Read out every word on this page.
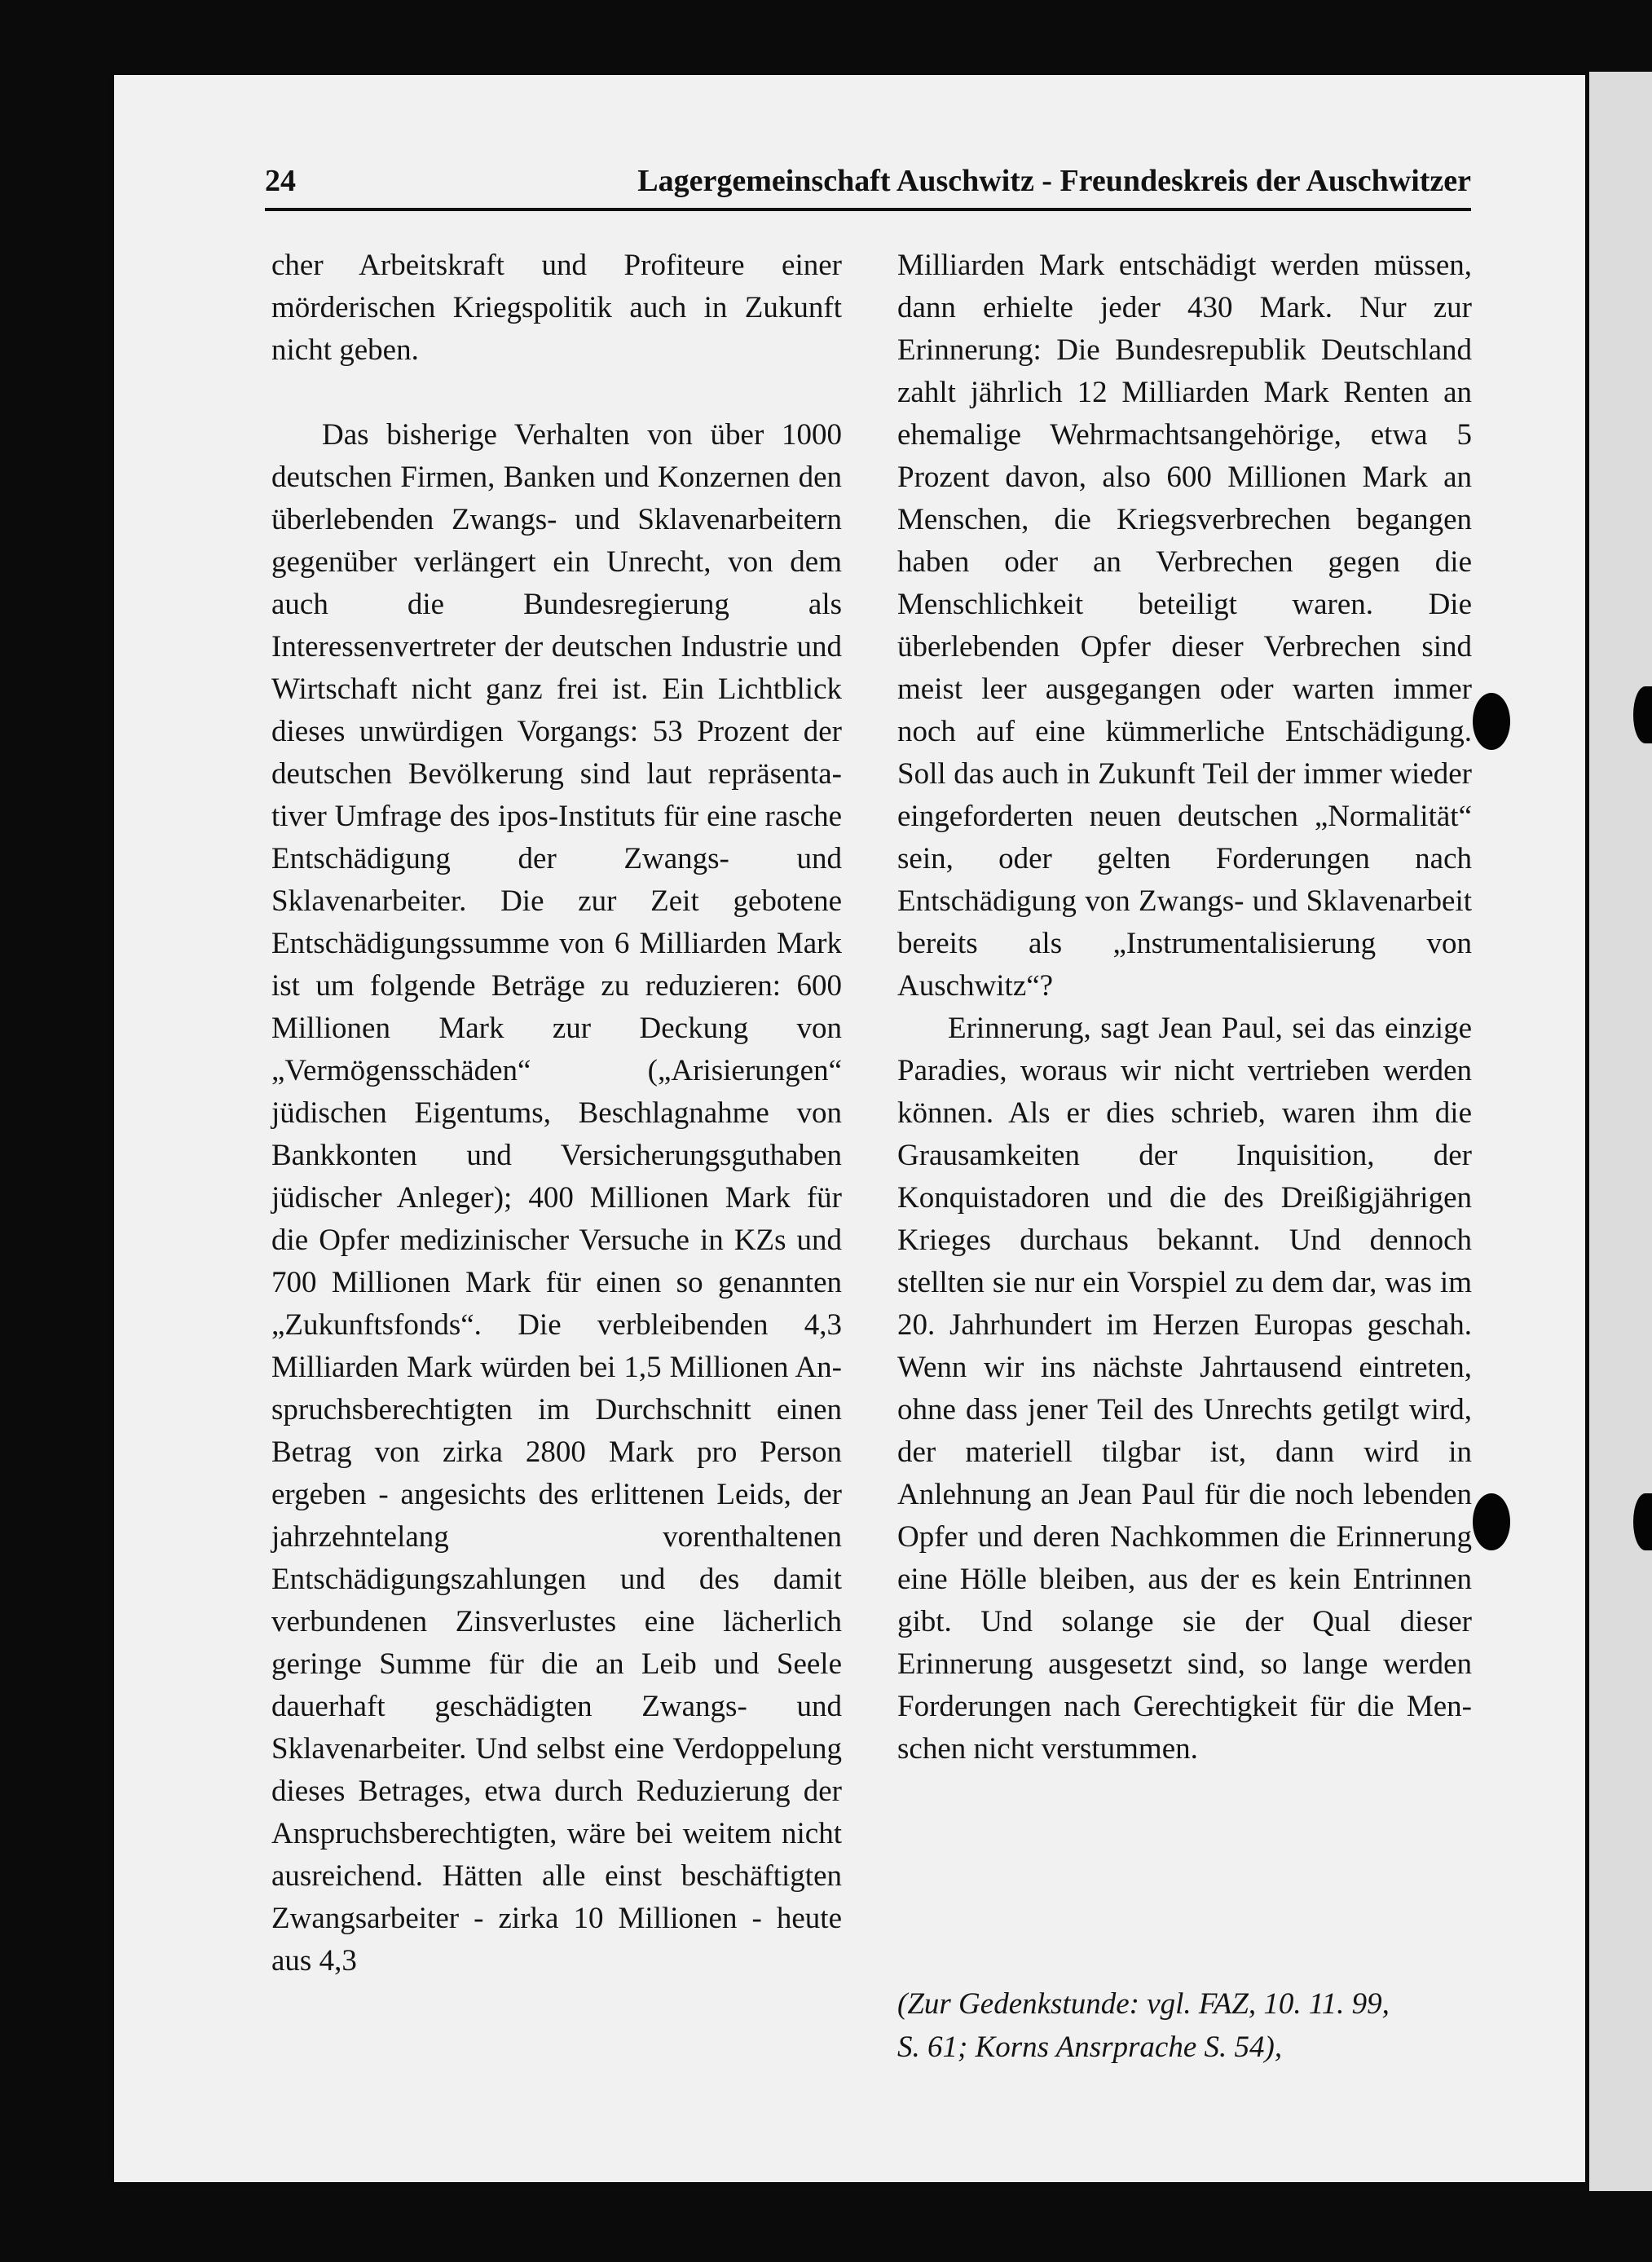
24	Lagergemeinschaft Auschwitz - Freundeskreis der Auschwitzer

cher Arbeitskraft und Profiteure einer mörderischen Kriegspolitik auch in Zukunft nicht geben.

Das bisherige Verhalten von über 1000 deutschen Firmen, Banken und Konzernen den überlebenden Zwangs- und Sklavenarbeitern gegenüber verlängert ein Unrecht, von dem auch die Bundesregierung als Interessenvertreter der deutschen Industrie und Wirtschaft nicht ganz frei ist. Ein Lichtblick dieses unwürdigen Vorgangs: 53 Prozent der deutschen Bevölkerung sind laut repräsentativer Umfrage des ipos-Instituts für eine rasche Entschädigung der Zwangs- und Sklavenarbeiter. Die zur Zeit gebotene Entschädigungssumme von 6 Milliarden Mark ist um folgende Beträge zu reduzieren: 600 Millionen Mark zur Deckung von „Vermögensschäden“ („Arisierungen“ jüdischen Eigentums, Beschlagnahme von Bankkonten und Versicherungsguthaben jüdischer Anleger); 400 Millionen Mark für die Opfer medizinischer Versuche in KZs und 700 Millionen Mark für einen so genannten „Zukunftsfonds“. Die verbleibenden 4,3 Milliarden Mark würden bei 1,5 Millionen Anspruchsberechtigten im Durchschnitt einen Betrag von zirka 2800 Mark pro Person ergeben - angesichts des erlittenen Leids, der jahrzehntelang vorenthaltenen Entschädigungszahlungen und des damit verbundenen Zinsverlustes eine lächerlich geringe Summe für die an Leib und Seele dauerhaft geschädigten Zwangs- und Sklavenarbeiter. Und selbst eine Verdoppelung dieses Betrages, etwa durch Reduzierung der Anspruchsberechtigten, wäre bei weitem nicht ausreichend. Hätten alle einst beschäftigten Zwangsarbeiter - zirka 10 Millionen - heute aus 4,3

Milliarden Mark entschädigt werden müssen, dann erhielte jeder 430 Mark. Nur zur Erinnerung: Die Bundesrepublik Deutschland zahlt jährlich 12 Milliarden Mark Renten an ehemalige Wehrmachtsangehörige, etwa 5 Prozent davon, also 600 Millionen Mark an Menschen, die Kriegsverbrechen begangen haben oder an Verbrechen gegen die Menschlichkeit beteiligt waren. Die überlebenden Opfer dieser Verbrechen sind meist leer ausgegangen oder warten immer noch auf eine kümmerliche Entschädigung. Soll das auch in Zukunft Teil der immer wieder eingeforderten neuen deutschen „Normalität“ sein, oder gelten Forderungen nach Entschädigung von Zwangs- und Sklavenarbeit bereits als „Instrumentalisierung von Auschwitz“?

Erinnerung, sagt Jean Paul, sei das einzige Paradies, woraus wir nicht vertrieben werden können. Als er dies schrieb, waren ihm die Grausamkeiten der Inquisition, der Konquistadoren und die des Dreißigjährigen Krieges durchaus bekannt. Und dennoch stellten sie nur ein Vorspiel zu dem dar, was im 20. Jahrhundert im Herzen Europas geschah. Wenn wir ins nächste Jahrtausend eintreten, ohne dass jener Teil des Unrechts getilgt wird, der materiell tilgbar ist, dann wird in Anlehnung an Jean Paul für die noch lebenden Opfer und deren Nachkommen die Erinnerung eine Hölle bleiben, aus der es kein Entrinnen gibt. Und solange sie der Qual dieser Erinnerung ausgesetzt sind, so lange werden Forderungen nach Gerechtigkeit für die Menschen nicht verstummen.

(Zur Gedenkstunde: vgl. FAZ, 10. 11. 99,
S. 61; Korns Ansrprache S. 54),
